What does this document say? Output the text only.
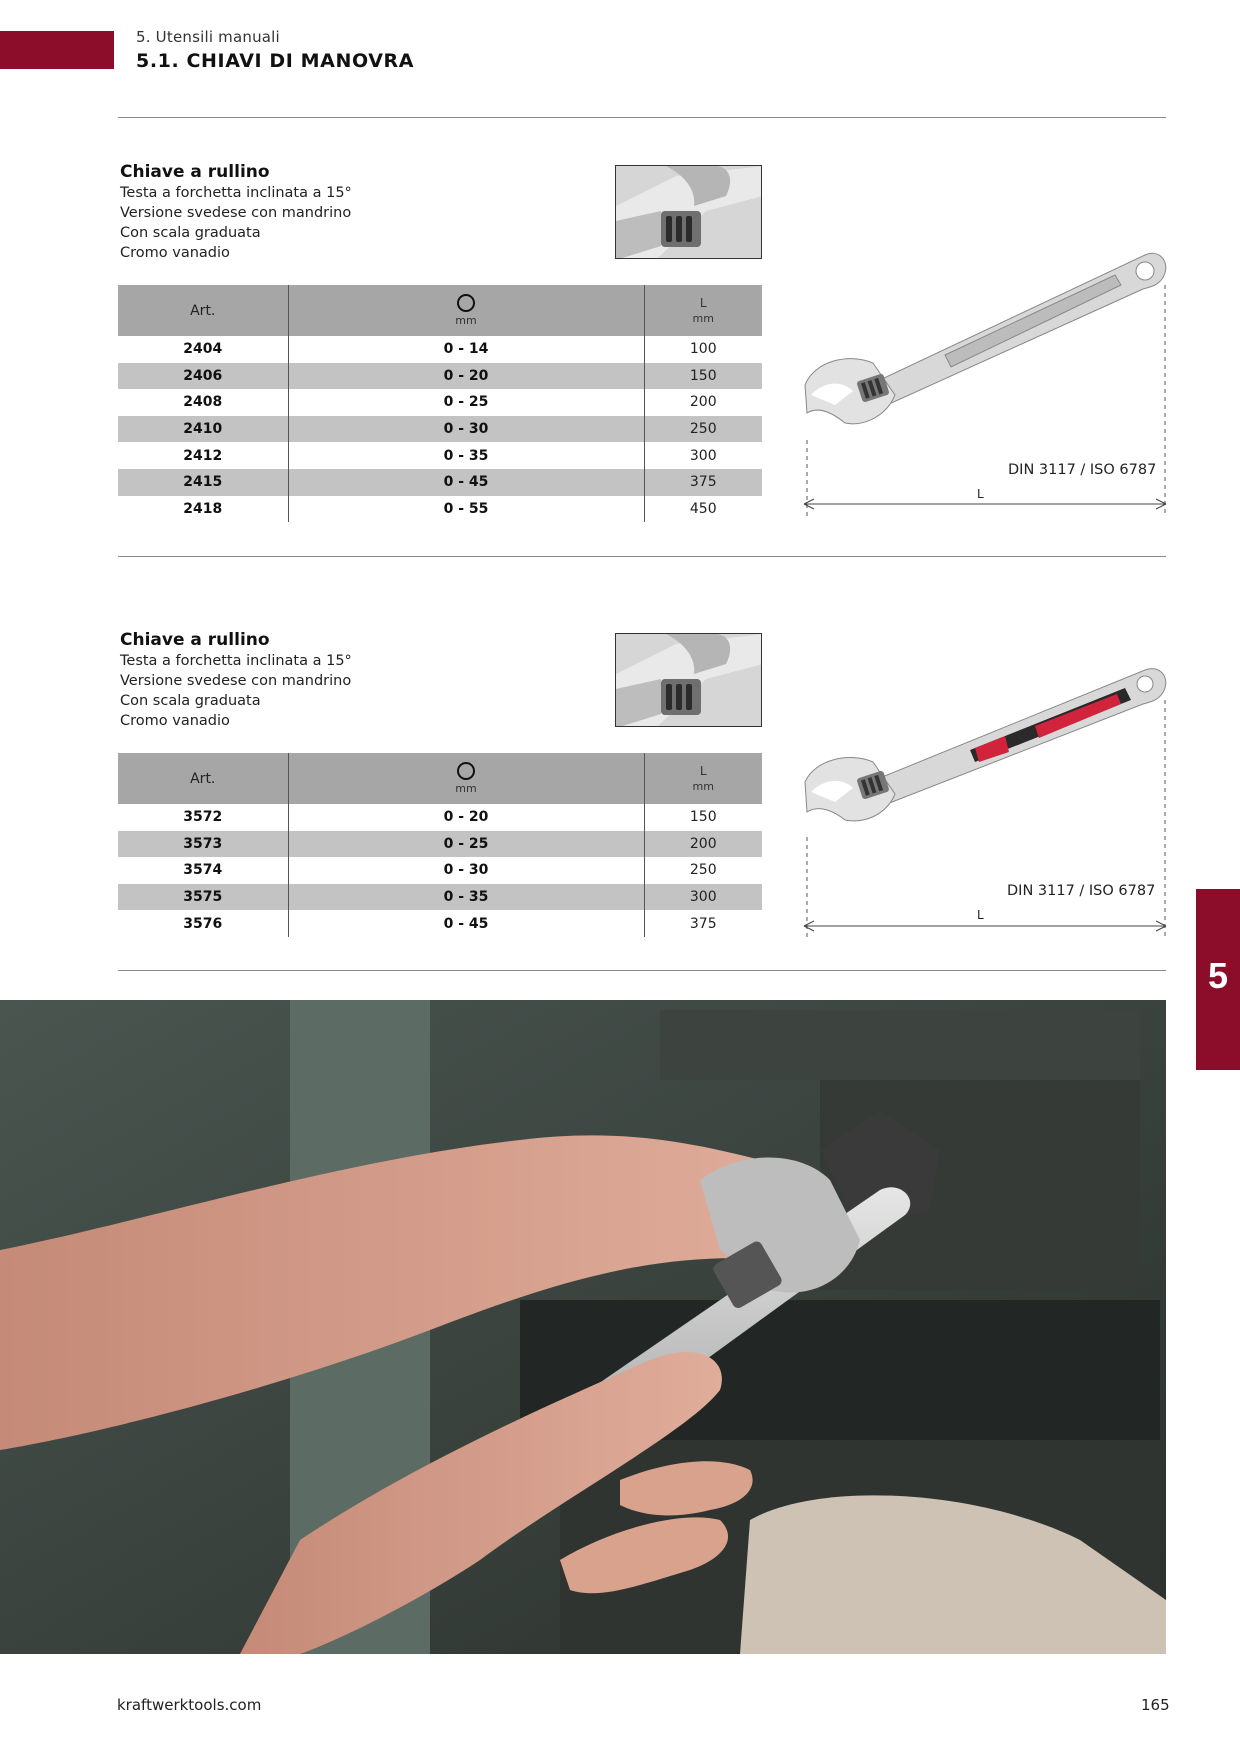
5. Utensili manuali
5.1. CHIAVI DI MANOVRA
Chiave a rullino
Testa a forchetta inclinata a 15°
Versione svedese con mandrino
Con scala graduata
Cromo vanadio
Art.	mm	L
mm

2404	0 - 14	100
2406	0 - 20	150
2408	0 - 25	200
2410	0 - 30	250
2412	0 - 35	300
2415	0 - 45	375
2418	0 - 55	450
DIN 3117 / ISO 6787
L
Chiave a rullino
Testa a forchetta inclinata a 15°
Versione svedese con mandrino
Con scala graduata
Cromo vanadio
Art.	mm	L
mm

3572	0 - 20	150
3573	0 - 25	200
3574	0 - 30	250
3575	0 - 35	300
3576	0 - 45	375
DIN 3117 / ISO 6787
L
5
kraftwerktools.com	165
